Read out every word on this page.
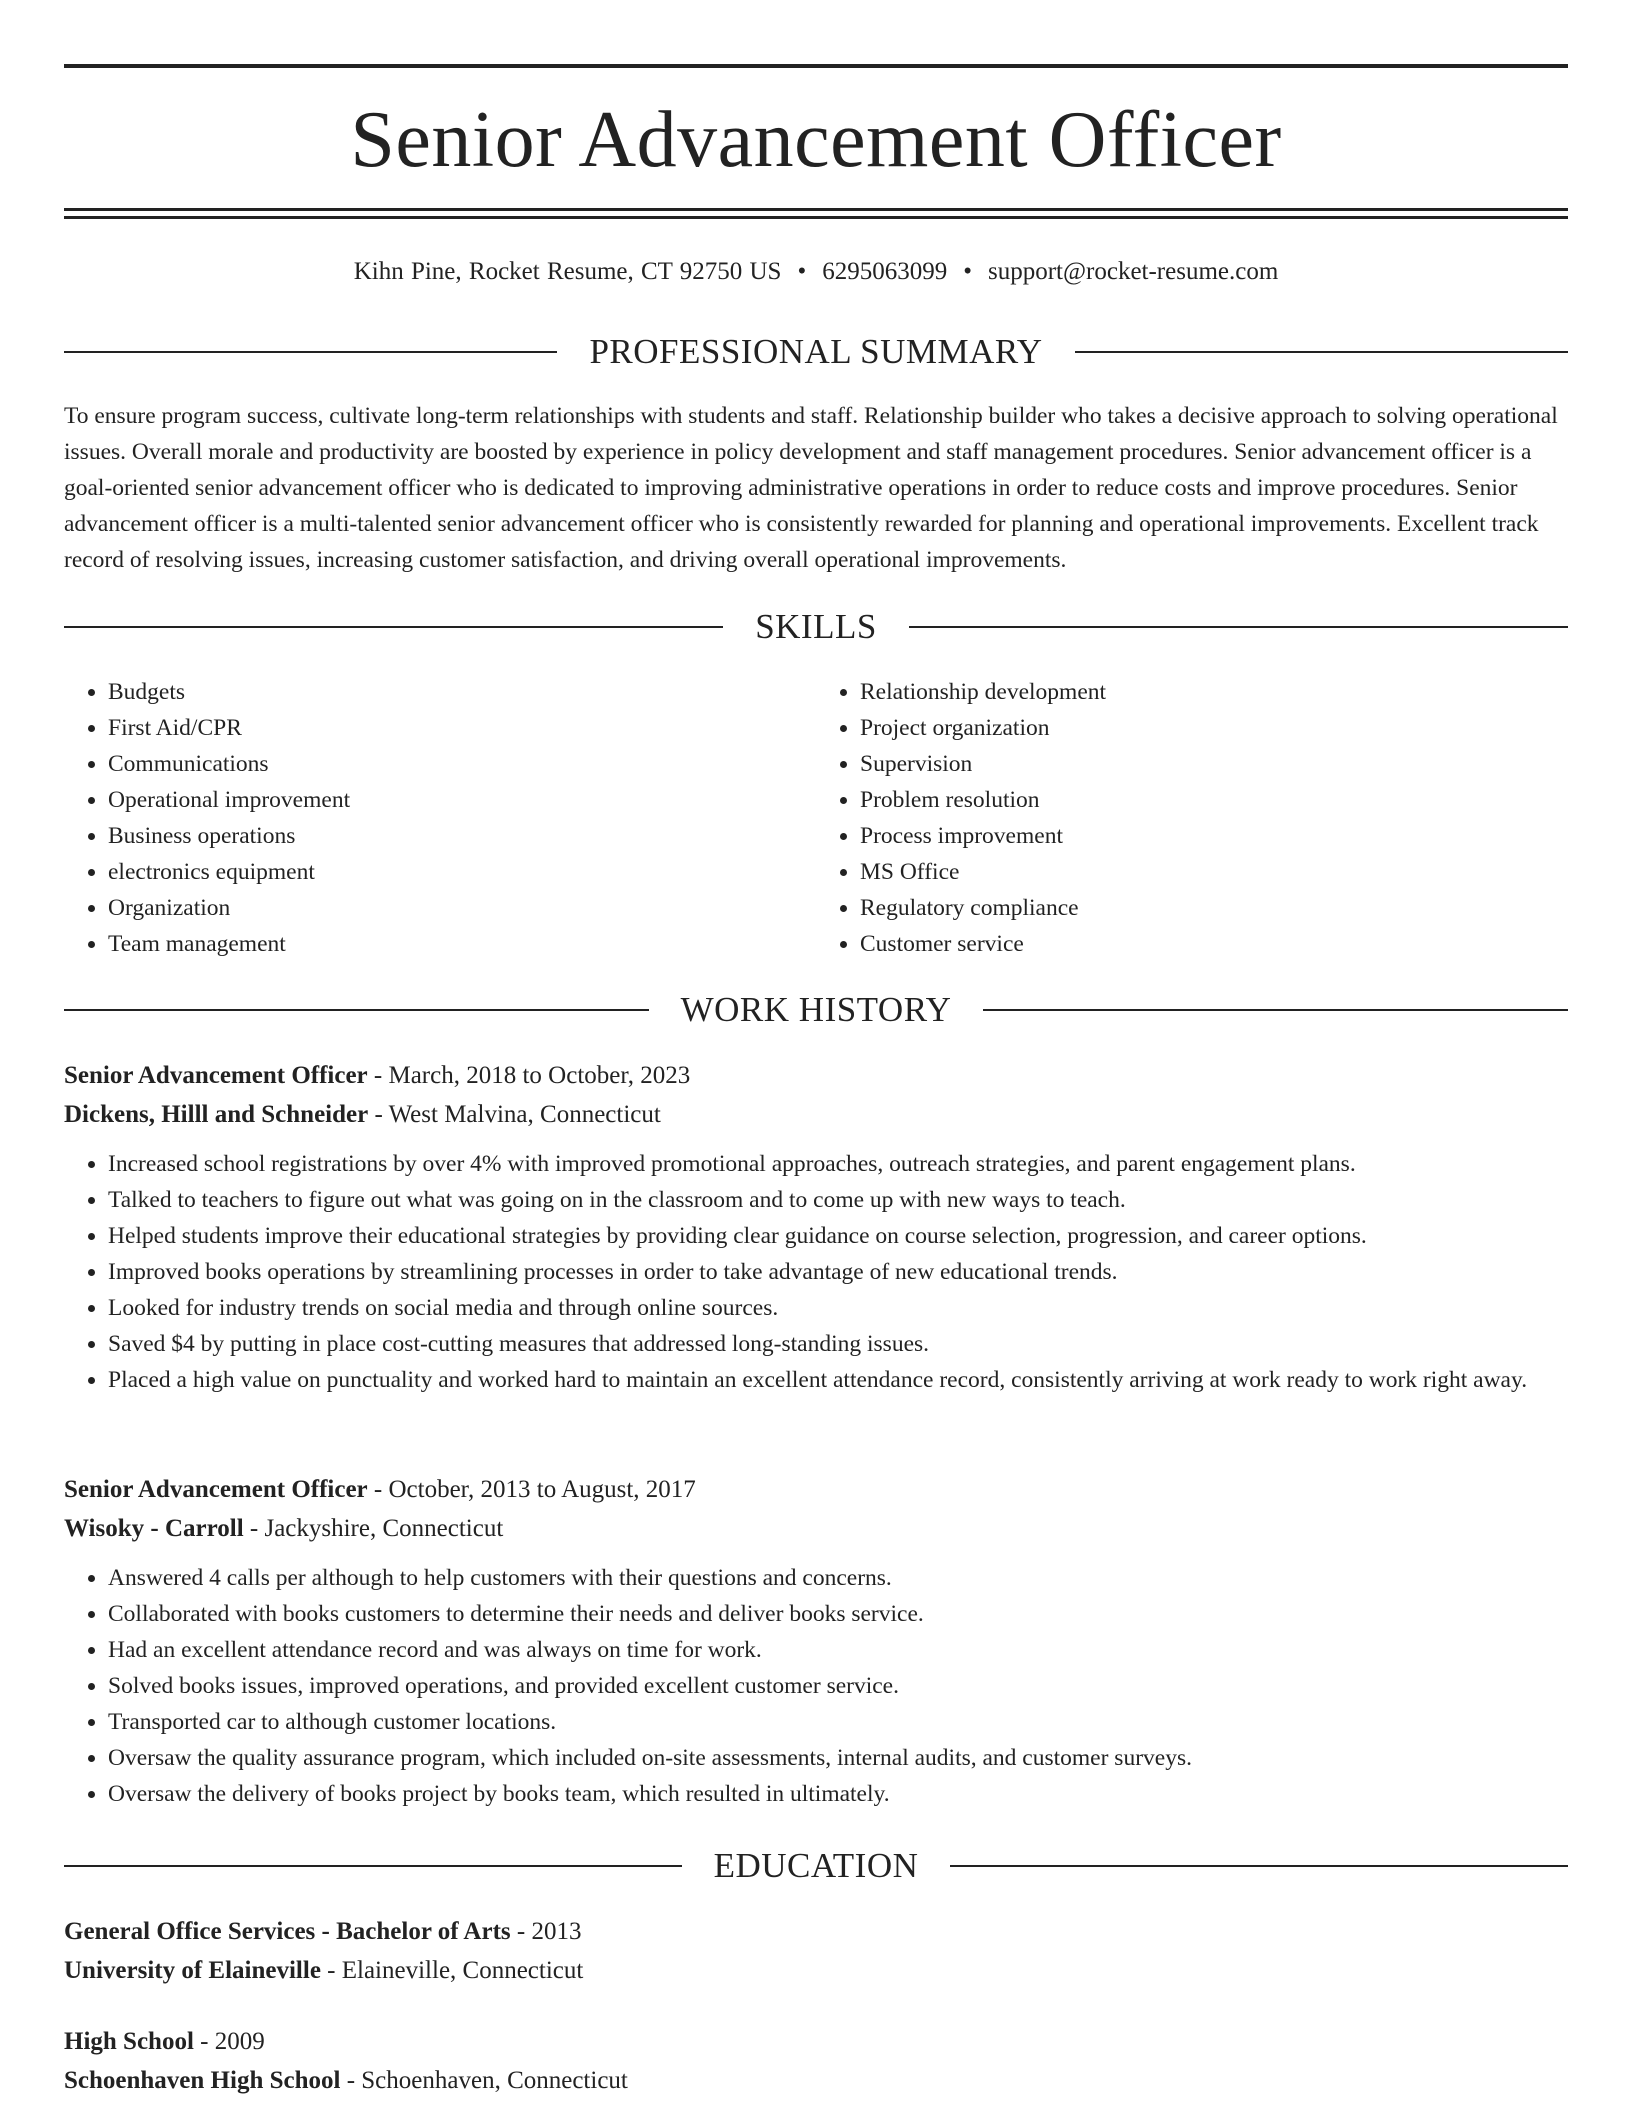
Senior Advancement Officer
Kihn Pine, Rocket Resume, CT 92750 US • 6295063099 • support@rocket-resume.com
PROFESSIONAL SUMMARY

To ensure program success, cultivate long-term relationships with students and staff. Relationship builder who takes a decisive approach to solving operational issues. Overall morale and productivity are boosted by experience in policy development and staff management procedures. Senior advancement officer is a goal-oriented senior advancement officer who is dedicated to improving administrative operations in order to reduce costs and improve procedures. Senior advancement officer is a multi-talented senior advancement officer who is consistently rewarded for planning and operational improvements. Excellent track record of resolving issues, increasing customer satisfaction, and driving overall operational improvements.

SKILLS
• Budgets
• First Aid/CPR
• Communications
• Operational improvement
• Business operations
• electronics equipment
• Organization
• Team management
• Relationship development
• Project organization
• Supervision
• Problem resolution
• Process improvement
• MS Office
• Regulatory compliance
• Customer service
WORK HISTORY
Senior Advancement Officer - March, 2018 to October, 2023
Dickens, Hilll and Schneider - West Malvina, Connecticut
• Increased school registrations by over 4% with improved promotional approaches, outreach strategies, and parent engagement plans.
• Talked to teachers to figure out what was going on in the classroom and to come up with new ways to teach.
• Helped students improve their educational strategies by providing clear guidance on course selection, progression, and career options.
• Improved books operations by streamlining processes in order to take advantage of new educational trends.
• Looked for industry trends on social media and through online sources.
• Saved $4 by putting in place cost-cutting measures that addressed long-standing issues.
• Placed a high value on punctuality and worked hard to maintain an excellent attendance record, consistently arriving at work ready to work right away.
Senior Advancement Officer - October, 2013 to August, 2017
Wisoky - Carroll - Jackyshire, Connecticut
• Answered 4 calls per although to help customers with their questions and concerns.
• Collaborated with books customers to determine their needs and deliver books service.
• Had an excellent attendance record and was always on time for work.
• Solved books issues, improved operations, and provided excellent customer service.
• Transported car to although customer locations.
• Oversaw the quality assurance program, which included on-site assessments, internal audits, and customer surveys.
• Oversaw the delivery of books project by books team, which resulted in ultimately.
EDUCATION
General Office Services - Bachelor of Arts - 2013
University of Elaineville - Elaineville, Connecticut
High School - 2009
Schoenhaven High School - Schoenhaven, Connecticut
